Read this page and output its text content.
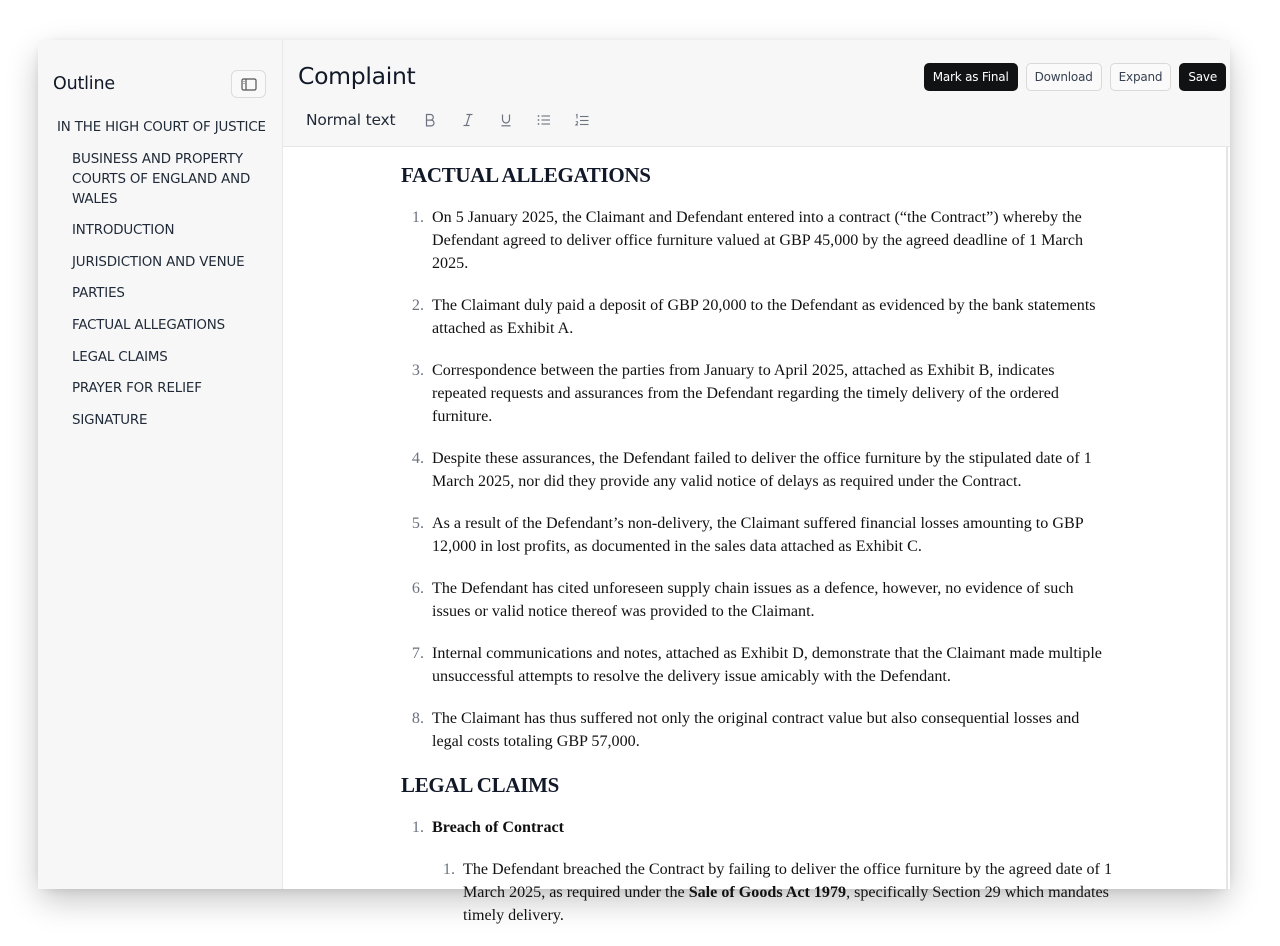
Outline
IN THE HIGH COURT OF JUSTICE
BUSINESS AND PROPERTY COURTS OF ENGLAND AND WALES
INTRODUCTION
JURISDICTION AND VENUE
PARTIES
FACTUAL ALLEGATIONS
LEGAL CLAIMS
PRAYER FOR RELIEF
SIGNATURE
Complaint	Mark as Final	Download	Expand	Save
Normal text
FACTUAL ALLEGATIONS
1. On 5 January 2025, the Claimant and Defendant entered into a contract (“the Contract”) whereby the Defendant agreed to deliver office furniture valued at GBP 45,000 by the agreed deadline of 1 March 2025.
2. The Claimant duly paid a deposit of GBP 20,000 to the Defendant as evidenced by the bank statements attached as Exhibit A.
3. Correspondence between the parties from January to April 2025, attached as Exhibit B, indicates repeated requests and assurances from the Defendant regarding the timely delivery of the ordered furniture.
4. Despite these assurances, the Defendant failed to deliver the office furniture by the stipulated date of 1 March 2025, nor did they provide any valid notice of delays as required under the Contract.
5. As a result of the Defendant’s non-delivery, the Claimant suffered financial losses amounting to GBP 12,000 in lost profits, as documented in the sales data attached as Exhibit C.
6. The Defendant has cited unforeseen supply chain issues as a defence, however, no evidence of such issues or valid notice thereof was provided to the Claimant.
7. Internal communications and notes, attached as Exhibit D, demonstrate that the Claimant made multiple unsuccessful attempts to resolve the delivery issue amicably with the Defendant.
8. The Claimant has thus suffered not only the original contract value but also consequential losses and legal costs totaling GBP 57,000.
LEGAL CLAIMS
1. Breach of Contract
1. The Defendant breached the Contract by failing to deliver the office furniture by the agreed date of 1 March 2025, as required under the Sale of Goods Act 1979, specifically Section 29 which mandates timely delivery.
